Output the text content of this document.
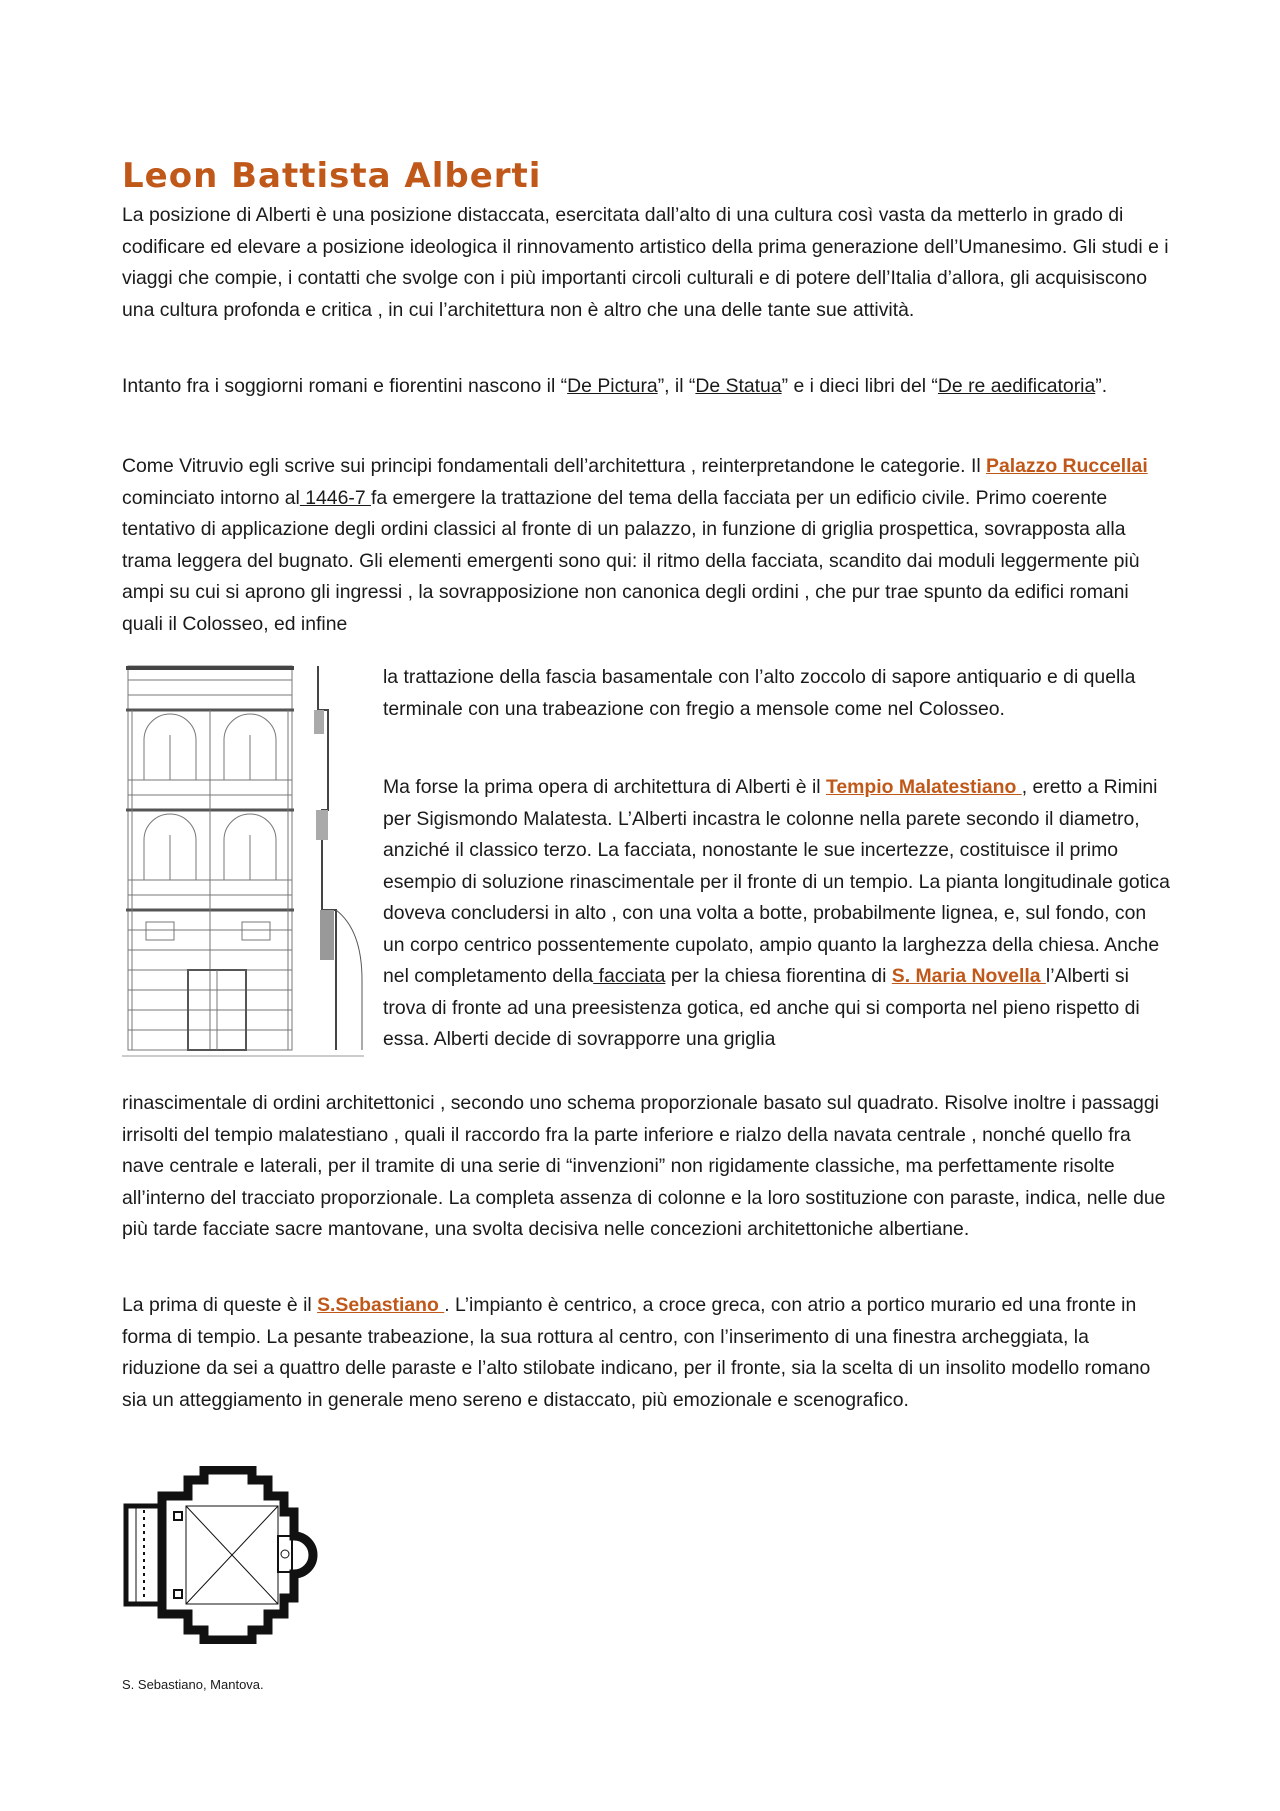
Leon Battista Alberti

La posizione di Alberti è una posizione distaccata, esercitata dall’alto di una cultura così vasta da metterlo in grado di codificare ed elevare a posizione ideologica il rinnovamento artistico della prima generazione dell’Umanesimo. Gli studi e i viaggi che compie, i contatti che svolge con i più importanti circoli culturali e di potere dell’Italia d’allora, gli acquisiscono una cultura profonda e critica , in cui l’architettura non è altro che una delle tante sue attività.

Intanto fra i soggiorni romani e fiorentini nascono il “De Pictura”, il “De Statua” e i dieci libri del “De re aedificatoria”.

Come Vitruvio egli scrive sui principi fondamentali dell’architettura , reinterpretandone le categorie. Il Palazzo Ruccellai cominciato intorno al 1446-7 fa emergere la trattazione del tema della facciata per un edificio civile. Primo coerente tentativo di applicazione degli ordini classici al fronte di un palazzo, in funzione di griglia prospettica, sovrapposta alla trama leggera del bugnato. Gli elementi emergenti sono qui: il ritmo della facciata, scandito dai moduli leggermente più ampi su cui si aprono gli ingressi , la sovrapposizione non canonica degli ordini , che pur trae spunto da edifici romani quali il Colosseo, ed infine

la trattazione della fascia basamentale con l’alto zoccolo di sapore antiquario e di quella terminale con una trabeazione con fregio a mensole come nel Colosseo.

Ma forse la prima opera di architettura di Alberti è il Tempio Malatestiano , eretto a Rimini per Sigismondo Malatesta. L’Alberti incastra le colonne nella parete secondo il diametro, anziché il classico terzo. La facciata, nonostante le sue incertezze, costituisce il primo esempio di soluzione rinascimentale per il fronte di un tempio. La pianta longitudinale gotica doveva concludersi in alto , con una volta a botte, probabilmente lignea, e, sul fondo, con un corpo centrico possentemente cupolato, ampio quanto la larghezza della chiesa. Anche nel completamento della facciata per la chiesa fiorentina di S. Maria Novella l’Alberti si trova di fronte ad una preesistenza gotica, ed anche qui si comporta nel pieno rispetto di essa. Alberti decide di sovrapporre una griglia

rinascimentale di ordini architettonici , secondo uno schema proporzionale basato sul quadrato. Risolve inoltre i passaggi irrisolti del tempio malatestiano , quali il raccordo fra la parte inferiore e rialzo della navata centrale , nonché quello fra nave centrale e laterali, per il tramite di una serie di “invenzioni” non rigidamente classiche, ma perfettamente risolte all’interno del tracciato proporzionale. La completa assenza di colonne e la loro sostituzione con paraste, indica, nelle due più tarde facciate sacre mantovane, una svolta decisiva nelle concezioni architettoniche albertiane.

La prima di queste è il S.Sebastiano . L’impianto è centrico, a croce greca, con atrio a portico murario ed una fronte in forma di tempio. La pesante trabeazione, la sua rottura al centro, con l’inserimento di una finestra archeggiata, la riduzione da sei a quattro delle paraste e l’alto stilobate indicano, per il fronte, sia la scelta di un insolito modello romano sia un atteggiamento in generale meno sereno e distaccato, più emozionale e scenografico.

S. Sebastiano, Mantova.
